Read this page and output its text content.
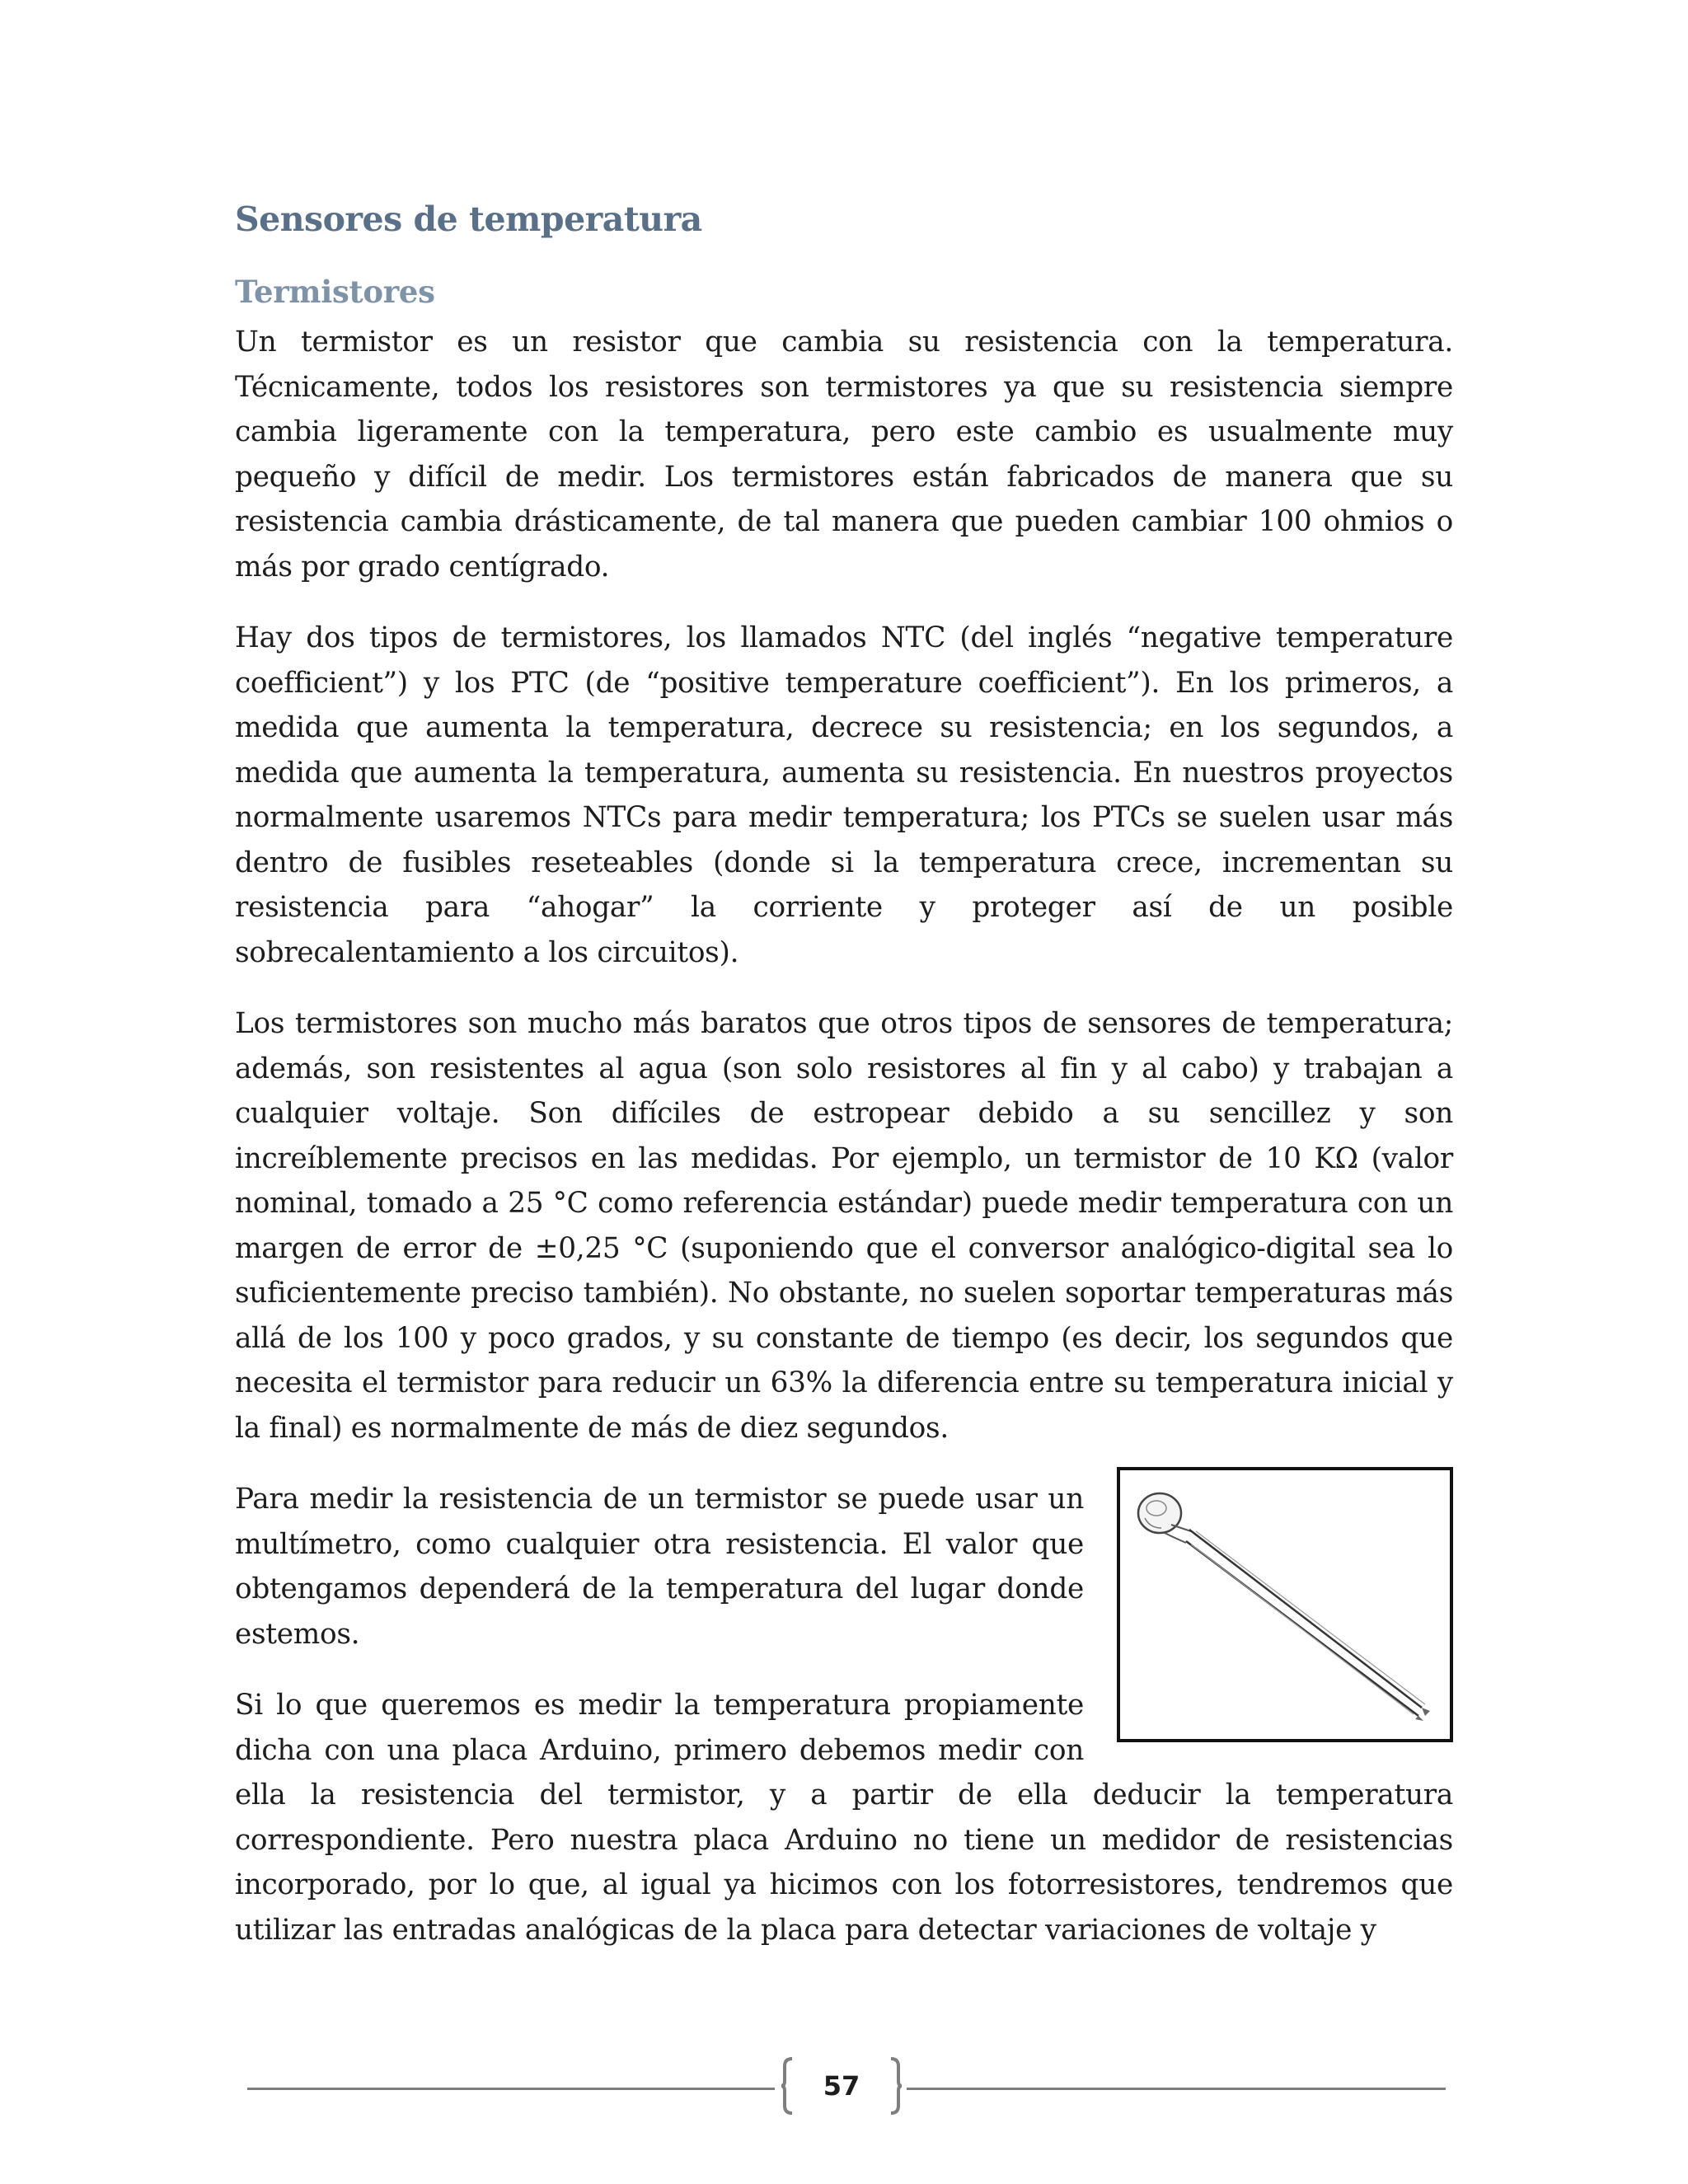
Sensores de temperatura
Termistores

Un termistor es un resistor que cambia su resistencia con la temperatura. Técnicamente, todos los resistores son termistores ya que su resistencia siempre cambia ligeramente con la temperatura, pero este cambio es usualmente muy pequeño y difícil de medir. Los termistores están fabricados de manera que su resistencia cambia drásticamente, de tal manera que pueden cambiar 100 ohmios o más por grado centígrado.

Hay dos tipos de termistores, los llamados NTC (del inglés “negative temperature coefficient”) y los PTC (de “positive temperature coefficient”). En los primeros, a medida que aumenta la temperatura, decrece su resistencia; en los segundos, a medida que aumenta la temperatura, aumenta su resistencia. En nuestros proyectos normalmente usaremos NTCs para medir temperatura; los PTCs se suelen usar más dentro de fusibles reseteables (donde si la temperatura crece, incrementan su resistencia para “ahogar” la corriente y proteger así de un posible sobrecalentamiento a los circuitos).

Los termistores son mucho más baratos que otros tipos de sensores de temperatura; además, son resistentes al agua (son solo resistores al fin y al cabo) y trabajan a cualquier voltaje. Son difíciles de estropear debido a su sencillez y son increíblemente precisos en las medidas. Por ejemplo, un termistor de 10 KΩ (valor nominal, tomado a 25 °C como referencia estándar) puede medir temperatura con un margen de error de ±0,25 °C (suponiendo que el conversor analógico-digital sea lo suficientemente preciso también). No obstante, no suelen soportar temperaturas más allá de los 100 y poco grados, y su constante de tiempo (es decir, los segundos que necesita el termistor para reducir un 63% la diferencia entre su temperatura inicial y la final) es normalmente de más de diez segundos.

Para medir la resistencia de un termistor se puede usar un multímetro, como cualquier otra resistencia. El valor que obtengamos dependerá de la temperatura del lugar donde estemos.

Si lo que queremos es medir la temperatura propiamente dicha con una placa Arduino, primero debemos medir con ella la resistencia del termistor, y a partir de ella deducir la temperatura correspondiente. Pero nuestra placa Arduino no tiene un medidor de resistencias incorporado, por lo que, al igual ya hicimos con los fotorresistores, tendremos que utilizar las entradas analógicas de la placa para detectar variaciones de voltaje y

57
